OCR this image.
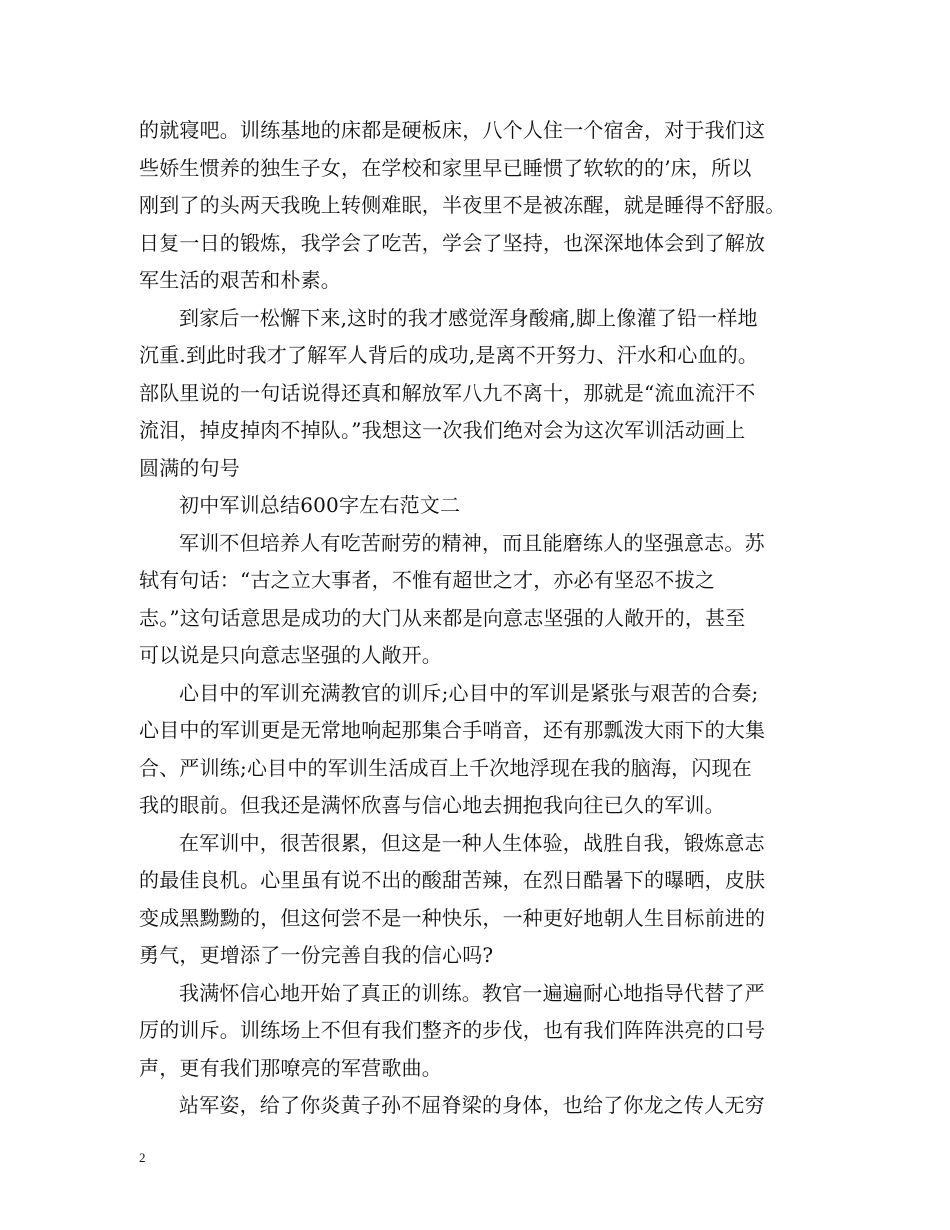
的就寝吧。训练基地的床都是硬板床，八个人住一个宿舍，对于我们这
些娇生惯养的独生子女，在学校和家里早已睡惯了软软的的’床，所以
刚到了的头两天我晚上转侧难眠，半夜里不是被冻醒，就是睡得不舒服。
日复一日的锻炼，我学会了吃苦，学会了坚持，也深深地体会到了解放
军生活的艰苦和朴素。
到家后一松懈下来,这时的我才感觉浑身酸痛,脚上像灌了铅一样地
沉重.到此时我才了解军人背后的成功,是离不开努力、汗水和心血的。
部队里说的一句话说得还真和解放军八九不离十，那就是“流血流汗不
流泪，掉皮掉肉不掉队。”我想这一次我们绝对会为这次军训活动画上
圆满的句号
初中军训总结600字左右范文二
军训不但培养人有吃苦耐劳的精神，而且能磨练人的坚强意志。苏
轼有句话：“古之立大事者，不惟有超世之才，亦必有坚忍不拔之
志。”这句话意思是成功的大门从来都是向意志坚强的人敞开的，甚至
可以说是只向意志坚强的人敞开。
心目中的军训充满教官的训斥;心目中的军训是紧张与艰苦的合奏;
心目中的军训更是无常地响起那集合手哨音，还有那瓢泼大雨下的大集
合、严训练;心目中的军训生活成百上千次地浮现在我的脑海，闪现在
我的眼前。但我还是满怀欣喜与信心地去拥抱我向往已久的军训。
在军训中，很苦很累，但这是一种人生体验，战胜自我，锻炼意志
的最佳良机。心里虽有说不出的酸甜苦辣，在烈日酷暑下的曝晒，皮肤
变成黑黝黝的，但这何尝不是一种快乐，一种更好地朝人生目标前进的
勇气，更增添了一份完善自我的信心吗?
我满怀信心地开始了真正的训练。教官一遍遍耐心地指导代替了严
厉的训斥。训练场上不但有我们整齐的步伐，也有我们阵阵洪亮的口号
声，更有我们那嘹亮的军营歌曲。
站军姿，给了你炎黄子孙不屈脊梁的身体，也给了你龙之传人无穷
2
